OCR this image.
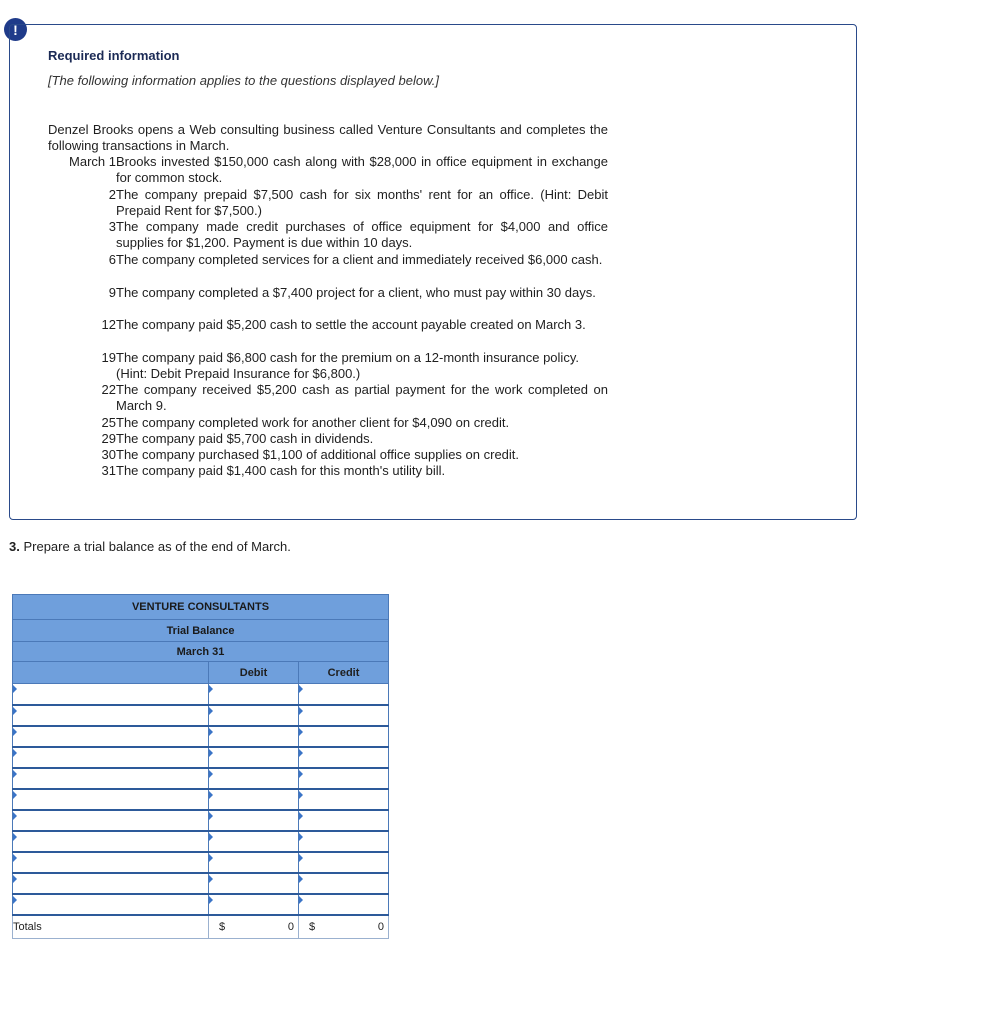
!
Required information
[The following information applies to the questions displayed below.]
Denzel Brooks opens a Web consulting business called Venture Consultants and completes the following transactions in March.
March 1 Brooks invested $150,000 cash along with $28,000 in office equipment in exchange for common stock.
2 The company prepaid $7,500 cash for six months' rent for an office. (Hint: Debit Prepaid Rent for $7,500.)
3 The company made credit purchases of office equipment for $4,000 and office supplies for $1,200. Payment is due within 10 days.
6 The company completed services for a client and immediately received $6,000 cash.
9 The company completed a $7,400 project for a client, who must pay within 30 days.
12 The company paid $5,200 cash to settle the account payable created on March 3.
19 The company paid $6,800 cash for the premium on a 12-month insurance policy. (Hint: Debit Prepaid Insurance for $6,800.)
22 The company received $5,200 cash as partial payment for the work completed on March 9.
25 The company completed work for another client for $4,090 on credit.
29 The company paid $5,700 cash in dividends.
30 The company purchased $1,100 of additional office supplies on credit.
31 The company paid $1,400 cash for this month's utility bill.
3. Prepare a trial balance as of the end of March.
VENTURE CONSULTANTS		
Trial Balance		
March 31		
	Debit	Credit

Totals	$ 0	$ 0
